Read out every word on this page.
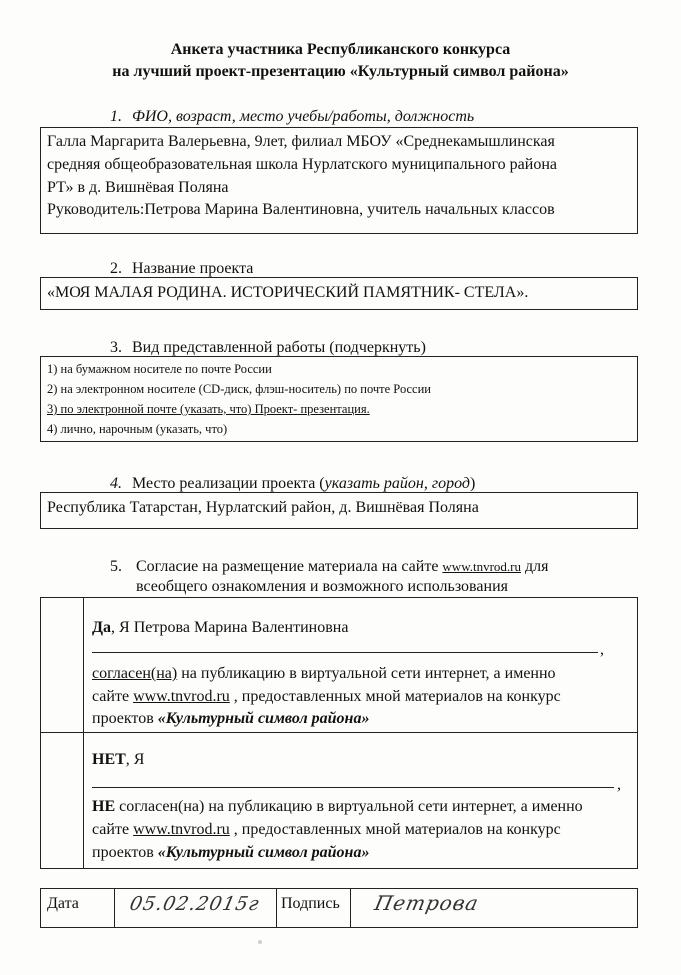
Анкета участника Республиканского конкурса
на лучший проект-презентацию «Культурный символ района»
1. ФИО, возраст, место учебы/работы, должность
Галла Маргарита Валерьевна, 9лет, филиал МБОУ «Среднекамышлинская
средняя общеобразовательная школа Нурлатского муниципального района
РТ» в д. Вишнёвая Поляна
Руководитель:Петрова Марина Валентиновна, учитель начальных классов
2. Название проекта
«МОЯ МАЛАЯ РОДИНА. ИСТОРИЧЕСКИЙ ПАМЯТНИК- СТЕЛА».
3. Вид представленной работы (подчеркнуть)
1) на бумажном носителе по почте России
2) на электронном носителе (CD-диск, флэш-носитель) по почте России
3) по электронной почте (указать, что) Проект- презентация.
4) лично, нарочным (указать, что)
4. Место реализации проекта (указать район, город)
Республика Татарстан, Нурлатский район, д. Вишнёвая Поляна
5. Согласие на размещение материала на сайте www.tnvrod.ru для
всеобщего ознакомления и возможного использования
Да, Я Петрова Марина Валентиновна
,
согласен(на) на публикацию в виртуальной сети интернет, а именно
сайте www.tnvrod.ru , предоставленных мной материалов на конкурс
проектов «Культурный символ района»
НЕТ, Я
,
НЕ согласен(на) на публикацию в виртуальной сети интернет, а именно
сайте www.tnvrod.ru , предоставленных мной материалов на конкурс
проектов «Культурный символ района»
Дата	05.02.2015г Подпись Петрова
